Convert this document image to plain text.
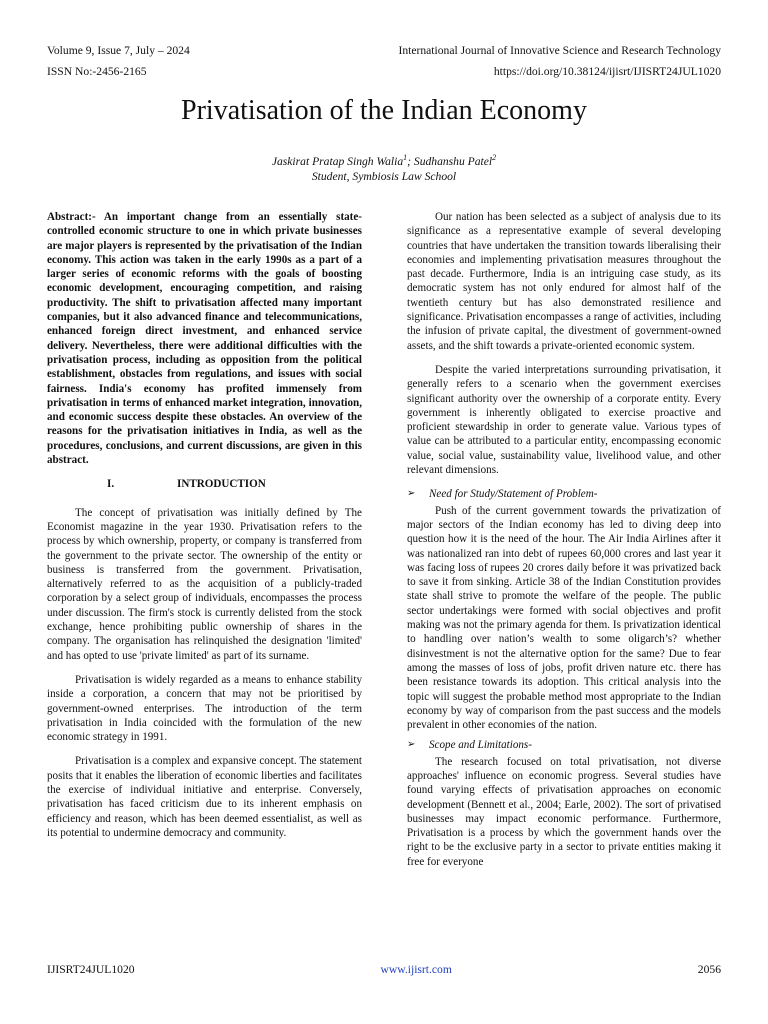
Volume 9, Issue 7, July – 2024	International Journal of Innovative Science and Research Technology
ISSN No:-2456-2165	https://doi.org/10.38124/ijisrt/IJISRT24JUL1020
Privatisation of the Indian Economy
Jaskirat Pratap Singh Walia$^1$; Sudhanshu Patel$^2$
Student, Symbiosis Law School

Abstract:- An important change from an essentially state-controlled economic structure to one in which private businesses are major players is represented by the privatisation of the Indian economy. This action was taken in the early 1990s as a part of a larger series of economic reforms with the goals of boosting economic development, encouraging competition, and raising productivity. The shift to privatisation affected many important companies, but it also advanced finance and telecommunications, enhanced foreign direct investment, and enhanced service delivery. Nevertheless, there were additional difficulties with the privatisation process, including as opposition from the political establishment, obstacles from regulations, and issues with social fairness. India's economy has profited immensely from privatisation in terms of enhanced market integration, innovation, and economic success despite these obstacles. An overview of the reasons for the privatisation initiatives in India, as well as the procedures, conclusions, and current discussions, are given in this abstract.

I.	INTRODUCTION

The concept of privatisation was initially defined by The Economist magazine in the year 1930. Privatisation refers to the process by which ownership, property, or company is transferred from the government to the private sector. The ownership of the entity or business is transferred from the government. Privatisation, alternatively referred to as the acquisition of a publicly-traded corporation by a select group of individuals, encompasses the process under discussion. The firm's stock is currently delisted from the stock exchange, hence prohibiting public ownership of shares in the company. The organisation has relinquished the designation 'limited' and has opted to use 'private limited' as part of its surname.

Privatisation is widely regarded as a means to enhance stability inside a corporation, a concern that may not be prioritised by government-owned enterprises. The introduction of the term privatisation in India coincided with the formulation of the new economic strategy in 1991.

Privatisation is a complex and expansive concept. The statement posits that it enables the liberation of economic liberties and facilitates the exercise of individual initiative and enterprise. Conversely, privatisation has faced criticism due to its inherent emphasis on efficiency and reason, which has been deemed essentialist, as well as its potential to undermine democracy and community.

Our nation has been selected as a subject of analysis due to its significance as a representative example of several developing countries that have undertaken the transition towards liberalising their economies and implementing privatisation measures throughout the past decade. Furthermore, India is an intriguing case study, as its democratic system has not only endured for almost half of the twentieth century but has also demonstrated resilience and significance. Privatisation encompasses a range of activities, including the infusion of private capital, the divestment of government-owned assets, and the shift towards a private-oriented economic system.

Despite the varied interpretations surrounding privatisation, it generally refers to a scenario when the government exercises significant authority over the ownership of a corporate entity. Every government is inherently obligated to exercise proactive and proficient stewardship in order to generate value. Various types of value can be attributed to a particular entity, encompassing economic value, social value, sustainability value, livelihood value, and other relevant dimensions.

➢	Need for Study/Statement of Problem-

Push of the current government towards the privatization of major sectors of the Indian economy has led to diving deep into question how it is the need of the hour. The Air India Airlines after it was nationalized ran into debt of rupees 60,000 crores and last year it was facing loss of rupees 20 crores daily before it was privatized back to save it from sinking. Article 38 of the Indian Constitution provides state shall strive to promote the welfare of the people. The public sector undertakings were formed with social objectives and profit making was not the primary agenda for them. Is privatization identical to handling over nation’s wealth to some oligarch’s? whether disinvestment is not the alternative option for the same? Due to fear among the masses of loss of jobs, profit driven nature etc. there has been resistance towards its adoption. This critical analysis into the topic will suggest the probable method most appropriate to the Indian economy by way of comparison from the past success and the models prevalent in other economies of the nation.

➢	Scope and Limitations-

The research focused on total privatisation, not diverse approaches' influence on economic progress. Several studies have found varying effects of privatisation approaches on economic development (Bennett et al., 2004; Earle, 2002). The sort of privatised businesses may impact economic performance. Furthermore, Privatisation is a process by which the government hands over the right to be the exclusive party in a sector to private entities making it free for everyone

IJISRT24JUL1020	www.ijisrt.com	2056
